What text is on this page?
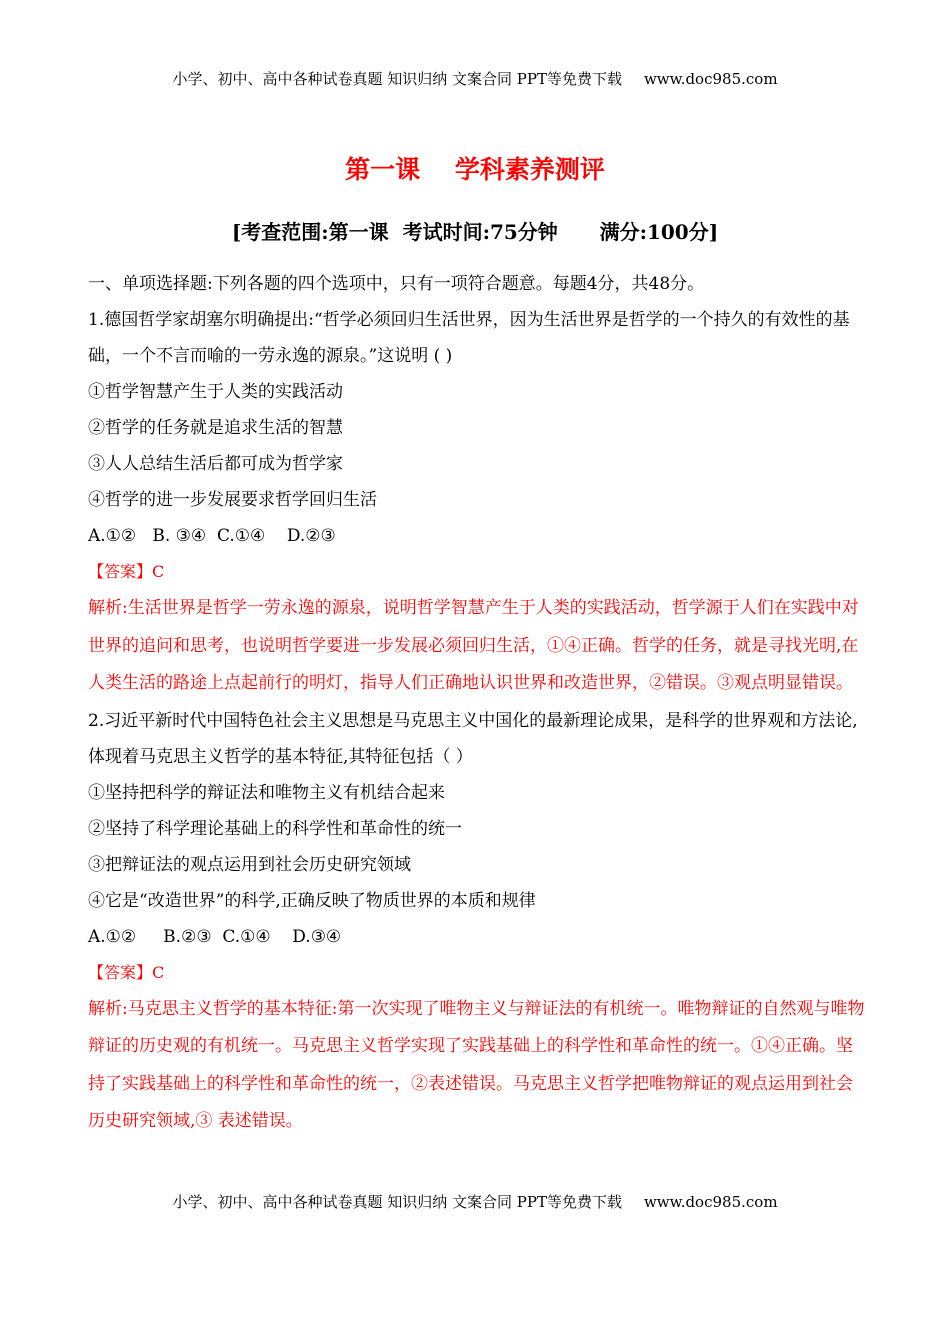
小学、初中、高中各种试卷真题 知识归纳 文案合同 PPT等免费下载 www.doc985.com
第一课    学科素养测评
[考查范围:第一课  考试时间:75分钟      满分:100分]

一、单项选择题:下列各题的四个选项中，只有一项符合题意。每题4分，共48分。

1.德国哲学家胡塞尔明确提出:“哲学必须回归生活世界，因为生活世界是哲学的一个持久的有效性的基础，一个不言而喻的一劳永逸的源泉。”这说明 ( )

①哲学智慧产生于人类的实践活动

②哲学的任务就是追求生活的智慧

③人人总结生活后都可成为哲学家

④哲学的进一步发展要求哲学回归生活

A.①②   B. ③④  C.①④    D.②③

【答案】C

解析:生活世界是哲学一劳永逸的源泉，说明哲学智慧产生于人类的实践活动，哲学源于人们在实践中对世界的追问和思考，也说明哲学要进一步发展必须回归生活，①④正确。哲学的任务，就是寻找光明,在人类生活的路途上点起前行的明灯，指导人们正确地认识世界和改造世界，②错误。③观点明显错误。

2.习近平新时代中国特色社会主义思想是马克思主义中国化的最新理论成果，是科学的世界观和方法论,体现着马克思主义哲学的基本特征,其特征包括（ ）

①坚持把科学的辩证法和唯物主义有机结合起来

②坚持了科学理论基础上的科学性和革命性的统一

③把辩证法的观点运用到社会历史研究领域

④它是“改造世界”的科学,正确反映了物质世界的本质和规律

A.①②     B.②③  C.①④    D.③④

【答案】C

解析:马克思主义哲学的基本特征:第一次实现了唯物主义与辩证法的有机统一。唯物辩证的自然观与唯物辩证的历史观的有机统一。马克思主义哲学实现了实践基础上的科学性和革命性的统一。①④正确。坚持了实践基础上的科学性和革命性的统一，②表述错误。马克思主义哲学把唯物辩证的观点运用到社会历史研究领域,③ 表述错误。

小学、初中、高中各种试卷真题 知识归纳 文案合同 PPT等免费下载 www.doc985.com
